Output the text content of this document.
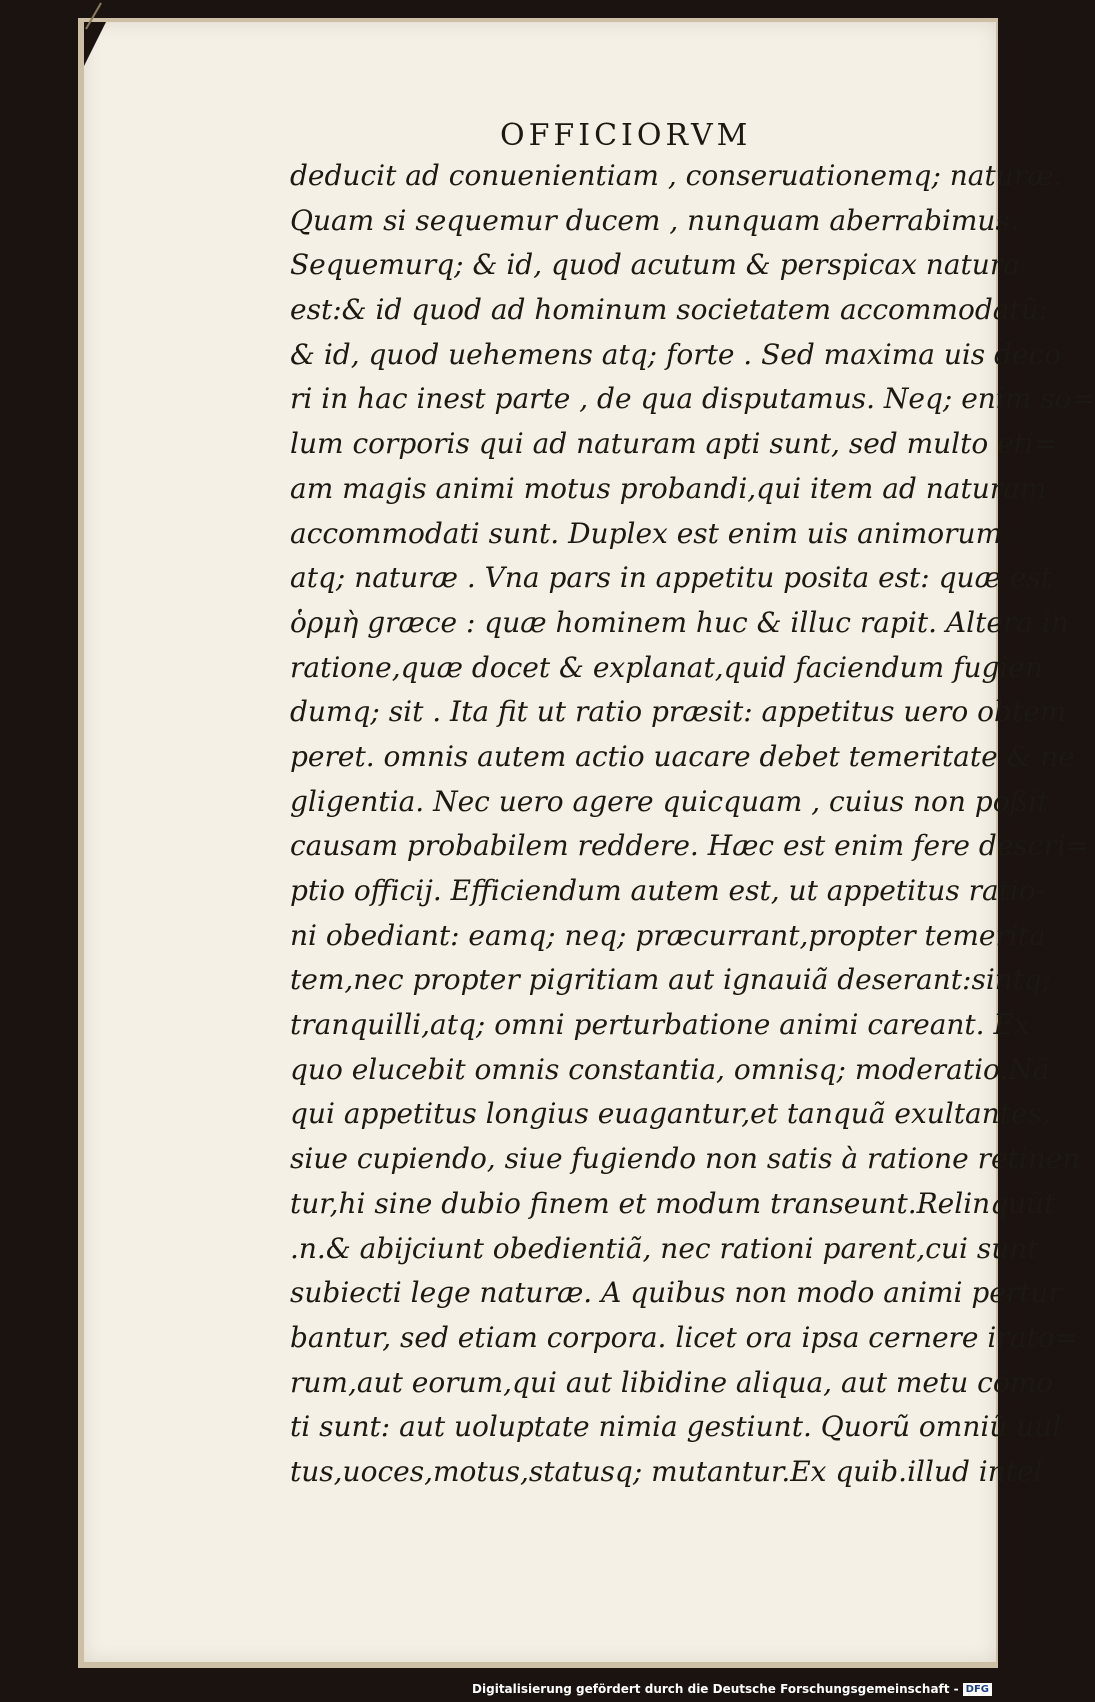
OFFICIORVM
deducit ad conuenientiam , conseruationemq; naturæ.
Quam si sequemur ducem , nunquam aberrabimus.
Sequemurq; & id, quod acutum & perspicax natura
est:& id quod ad hominum societatem accommodatũ:
& id, quod uehemens atq; forte . Sed maxima uis deco
ri in hac inest parte , de qua disputamus. Neq; enim so=
lum corporis qui ad naturam apti sunt, sed multo eti=
am magis animi motus probandi,qui item ad naturam
accommodati sunt. Duplex est enim uis animorum
atq; naturæ . Vna pars in appetitu posita est: quæ est
ὁρμὴ græce : quæ hominem huc & illuc rapit. Altera in
ratione,quæ docet & explanat,quid faciendum fugien
dumq; sit . Ita fit ut ratio præsit: appetitus uero obtem
peret. omnis autem actio uacare debet temeritate & ne
gligentia. Nec uero agere quicquam , cuius non poßit
causam probabilem reddere. Hæc est enim fere descri=
ptio officij. Efficiendum autem est, ut appetitus ratio-
ni obediant: eamq; neq; præcurrant,propter temerita
tem,nec propter pigritiam aut ignauiã deserant:sintq;
tranquilli,atq; omni perturbatione animi careant. Ex
quo elucebit omnis constantia, omnisq; moderatio.Nã
qui appetitus longius euagantur,et tanquã exultantes,
siue cupiendo, siue fugiendo non satis à ratione retinen
tur,hi sine dubio finem et modum transeunt.Relinquũt
.n.& abijciunt obedientiã, nec rationi parent,cui sunt
subiecti lege naturæ. A quibus non modo animi pertur
bantur, sed etiam corpora. licet ora ipsa cernere irato=
rum,aut eorum,qui aut libidine aliqua, aut metu cõmo
ti sunt: aut uoluptate nimia gestiunt. Quorũ omniũ uul
tus,uoces,motus,statusq; mutantur.Ex quib.illud intel
Digitalisierung gefördert durch die Deutsche Forschungsgemeinschaft - DFG
